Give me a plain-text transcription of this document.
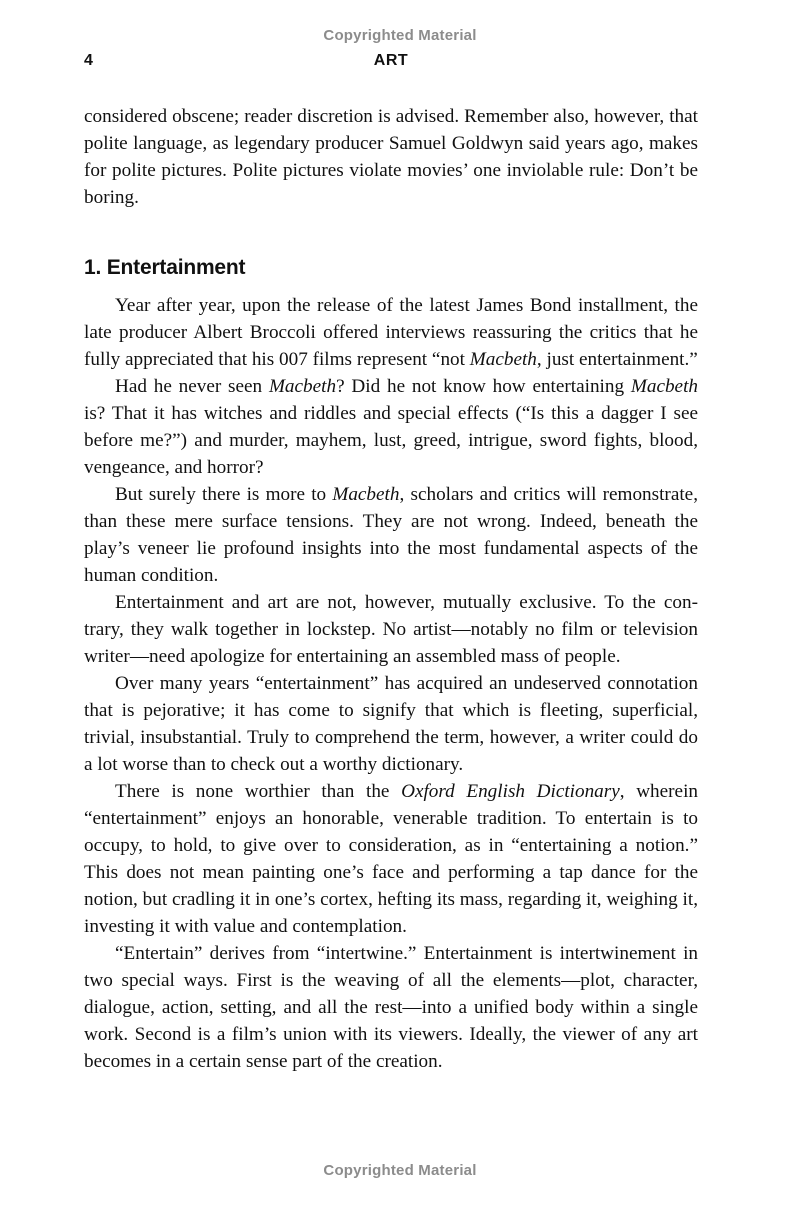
Copyrighted Material
4	ART

considered obscene; reader discretion is advised. Remember also, however, that polite language, as legendary producer Samuel Goldwyn said years ago, makes for polite pictures. Polite pictures violate movies’ one inviolable rule: Don’t be boring.

1. Entertainment

Year after year, upon the release of the latest James Bond installment, the late producer Albert Broccoli offered interviews reassuring the critics that he fully appreciated that his 007 films represent “not Macbeth, just entertainment.”

Had he never seen Macbeth? Did he not know how entertaining Macbeth is? That it has witches and riddles and special effects (“Is this a dagger I see before me?”) and murder, mayhem, lust, greed, intrigue, sword fights, blood, vengeance, and horror?

But surely there is more to Macbeth, scholars and critics will remonstrate, than these mere surface tensions. They are not wrong. Indeed, beneath the play’s veneer lie profound insights into the most fundamental aspects of the human condition.

Entertainment and art are not, however, mutually exclusive. To the contrary, they walk together in lockstep. No artist—notably no film or television writer—need apologize for entertaining an assembled mass of people.

Over many years “entertainment” has acquired an undeserved connotation that is pejorative; it has come to signify that which is fleeting, superficial, trivial, insubstantial. Truly to comprehend the term, however, a writer could do a lot worse than to check out a worthy dictionary.

There is none worthier than the Oxford English Dictionary, wherein “entertainment” enjoys an honorable, venerable tradition. To entertain is to occupy, to hold, to give over to consideration, as in “entertaining a notion.” This does not mean painting one’s face and performing a tap dance for the notion, but cradling it in one’s cortex, hefting its mass, regarding it, weighing it, investing it with value and contemplation.

“Entertain” derives from “intertwine.” Entertainment is intertwinement in two special ways. First is the weaving of all the elements—plot, character, dialogue, action, setting, and all the rest—into a unified body within a single work. Second is a film’s union with its viewers. Ideally, the viewer of any art becomes in a certain sense part of the creation.

Copyrighted Material
